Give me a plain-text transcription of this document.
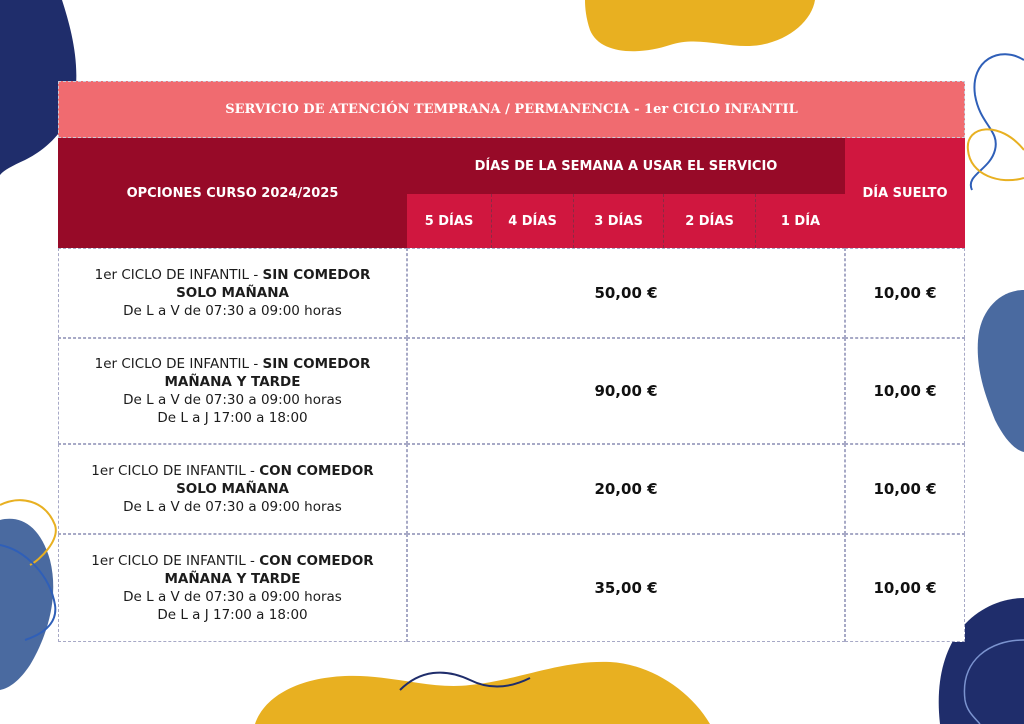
SERVICIO DE ATENCIÓN TEMPRANA / PERMANENCIA - 1er CICLO INFANTIL
OPCIONES CURSO 2024/2025
DÍAS DE LA SEMANA A USAR EL SERVICIO
DÍA SUELTO
5 DÍAS	4 DÍAS	3 DÍAS	2 DÍAS	1 DÍA
1er CICLO DE INFANTIL - SIN COMEDOR
SOLO MAÑANA
De L a V de 07:30 a 09:00 horas
50,00 €	10,00 €
1er CICLO DE INFANTIL - SIN COMEDOR
MAÑANA Y TARDE
De L a V de 07:30 a 09:00 horas
De L a J 17:00 a 18:00
90,00 €	10,00 €
1er CICLO DE INFANTIL - CON COMEDOR
SOLO MAÑANA
De L a V de 07:30 a 09:00 horas
20,00 €	10,00 €
1er CICLO DE INFANTIL - CON COMEDOR
MAÑANA Y TARDE
De L a V de 07:30 a 09:00 horas
De L a J 17:00 a 18:00
35,00 €	10,00 €
